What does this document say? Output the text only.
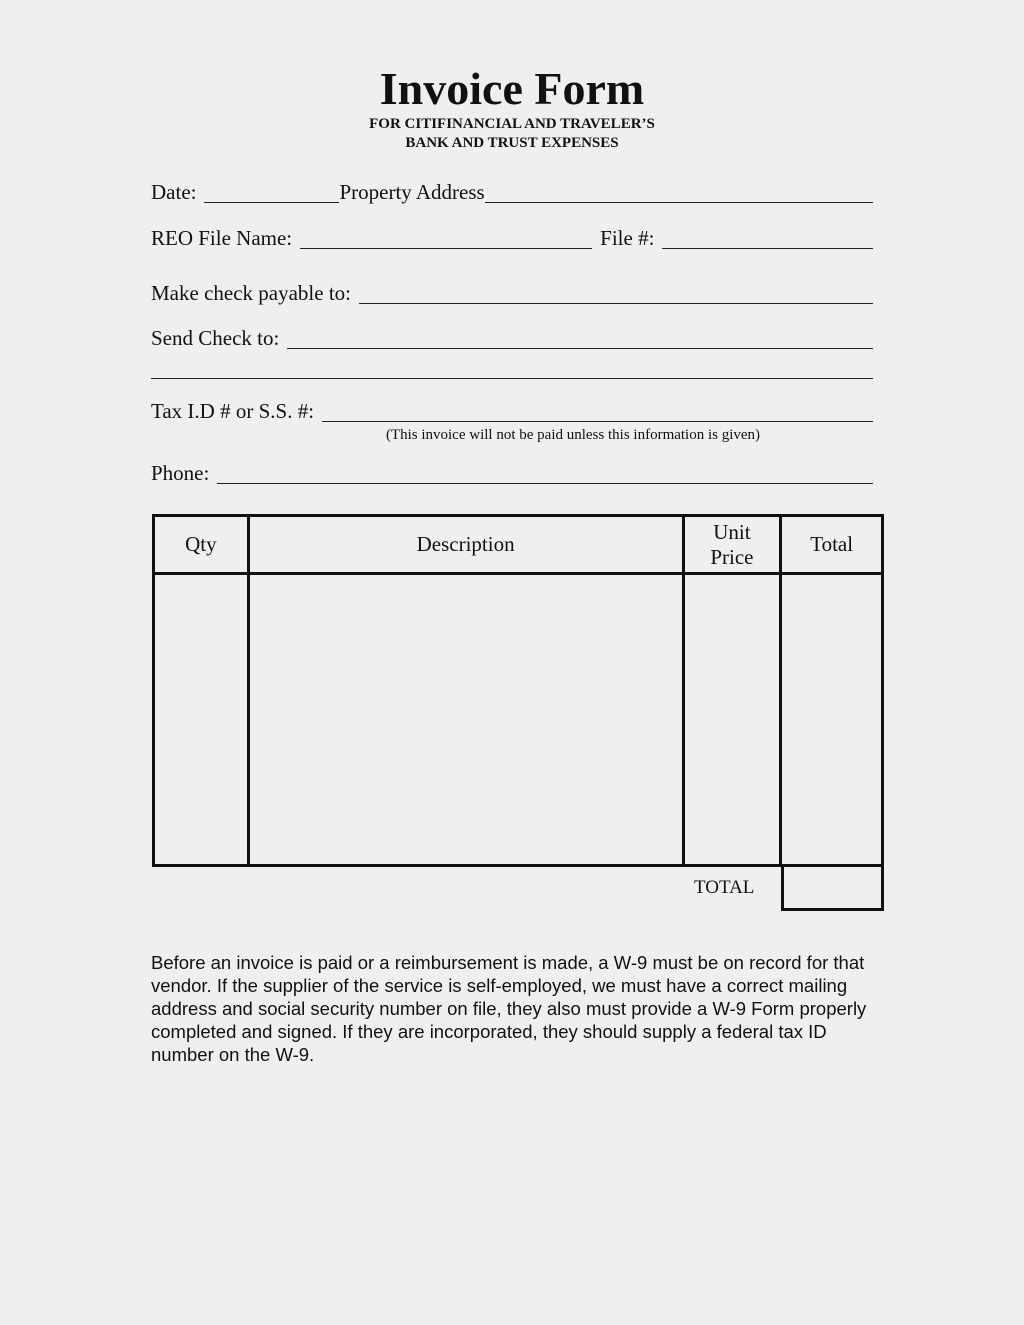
Invoice Form
FOR CITIFINANCIAL AND TRAVELER’S
BANK AND TRUST EXPENSES
Date:	Property Address
REO File Name:	File #:
Make check payable to:
Send Check to:
Tax I.D # or S.S. #:
(This invoice will not be paid unless this information is given)
Phone:
Qty	Description	Unit Price	Total

TOTAL
Before an invoice is paid or a reimbursement is made, a W-9 must be on record for that vendor. If the supplier of the service is self-employed, we must have a correct mailing address and social security number on file, they also must provide a W-9 Form properly completed and signed. If they are incorporated, they should supply a federal tax ID number on the W-9.
